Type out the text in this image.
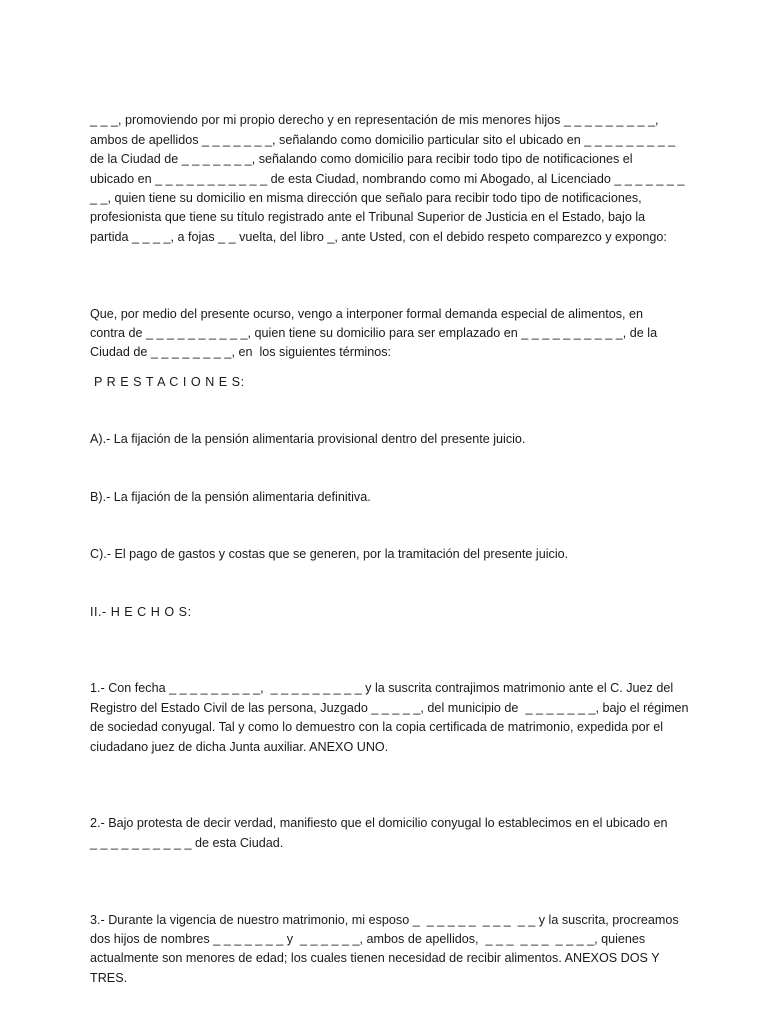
_ _ _, promoviendo por mi propio derecho y en representación de mis menores hijos _ _ _ _ _ _ _ _ _,
ambos de apellidos _ _ _ _ _ _ _, señalando como domicilio particular sito el ubicado en _ _ _ _ _ _ _ _ _
de la Ciudad de _ _ _ _ _ _ _, señalando como domicilio para recibir todo tipo de notificaciones el
ubicado en _ _ _ _ _ _ _ _ _ _ _ de esta Ciudad, nombrando como mi Abogado, al Licenciado _ _ _ _ _ _ _
_ _, quien tiene su domicilio en misma dirección que señalo para recibir todo tipo de notificaciones,
profesionista que tiene su título registrado ante el Tribunal Superior de Justicia en el Estado, bajo la
partida _ _ _ _, a fojas _ _ vuelta, del libro _, ante Usted, con el debido respeto comparezco y expongo:

Que, por medio del presente ocurso, vengo a interponer formal demanda especial de alimentos, en
contra de _ _ _ _ _ _ _ _ _ _, quien tiene su domicilio para ser emplazado en _ _ _ _ _ _ _ _ _ _, de la
Ciudad de _ _ _ _ _ _ _ _, en  los siguientes términos:

P R E S T A C I O N E S:

A).- La fijación de la pensión alimentaria provisional dentro del presente juicio.

B).- La fijación de la pensión alimentaria definitiva.

C).- El pago de gastos y costas que se generen, por la tramitación del presente juicio.

II.- H E C H O S:

1.- Con fecha _ _ _ _ _ _ _ _ _,  _ _ _ _ _ _ _ _ _ y la suscrita contrajimos matrimonio ante el C. Juez del
Registro del Estado Civil de las persona, Juzgado _ _ _ _ _, del municipio de  _ _ _ _ _ _ _, bajo el régimen
de sociedad conyugal. Tal y como lo demuestro con la copia certificada de matrimonio, expedida por el
ciudadano juez de dicha Junta auxiliar. ANEXO UNO.

2.- Bajo protesta de decir verdad, manifiesto que el domicilio conyugal lo establecimos en el ubicado en
_ _ _ _ _ _ _ _ _ _ de esta Ciudad.

3.- Durante la vigencia de nuestro matrimonio, mi esposo _  _ _ _ _ _  _ _ _  _ _ y la suscrita, procreamos
dos hijos de nombres _ _ _ _ _ _ _ y  _ _ _ _ _ _, ambos de apellidos,  _ _ _  _ _ _  _ _ _ _, quienes
actualmente son menores de edad; los cuales tienen necesidad de recibir alimentos. ANEXOS DOS Y
TRES.
